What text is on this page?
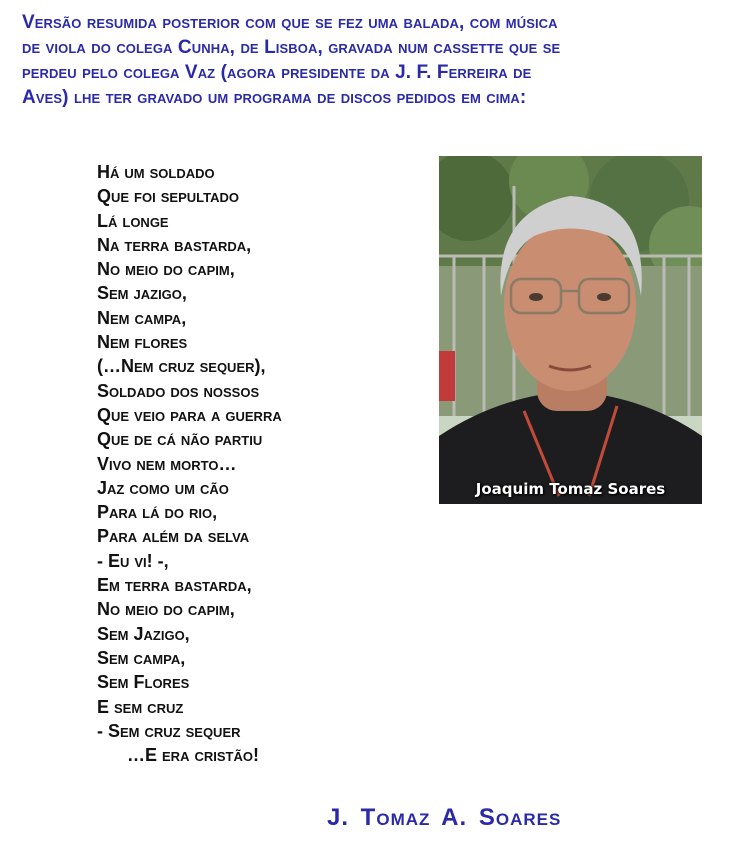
Versão resumida posterior com que se fez uma balada, com música
de viola do colega Cunha, de Lisboa, gravada num cassette que se
perdeu pelo colega Vaz (agora presidente da J. F. Ferreira de
Aves) lhe ter gravado um programa de discos pedidos em cima:
Há um soldado
Que foi sepultado
Lá longe
Na terra bastarda,
No meio do capim,
Sem jazigo,
Nem campa,
Nem flores
(…Nem cruz sequer),
Soldado dos nossos
Que veio para a guerra
Que de cá não partiu
Vivo nem morto…
Jaz como um cão
Para lá do rio,
Para além da selva
- Eu vi! -,
Em terra bastarda,
No meio do capim,
Sem Jazigo,
Sem campa,
Sem Flores
E sem cruz
- Sem cruz sequer
…E era cristão!
Joaquim Tomaz Soares
J. Tomaz A. Soares
